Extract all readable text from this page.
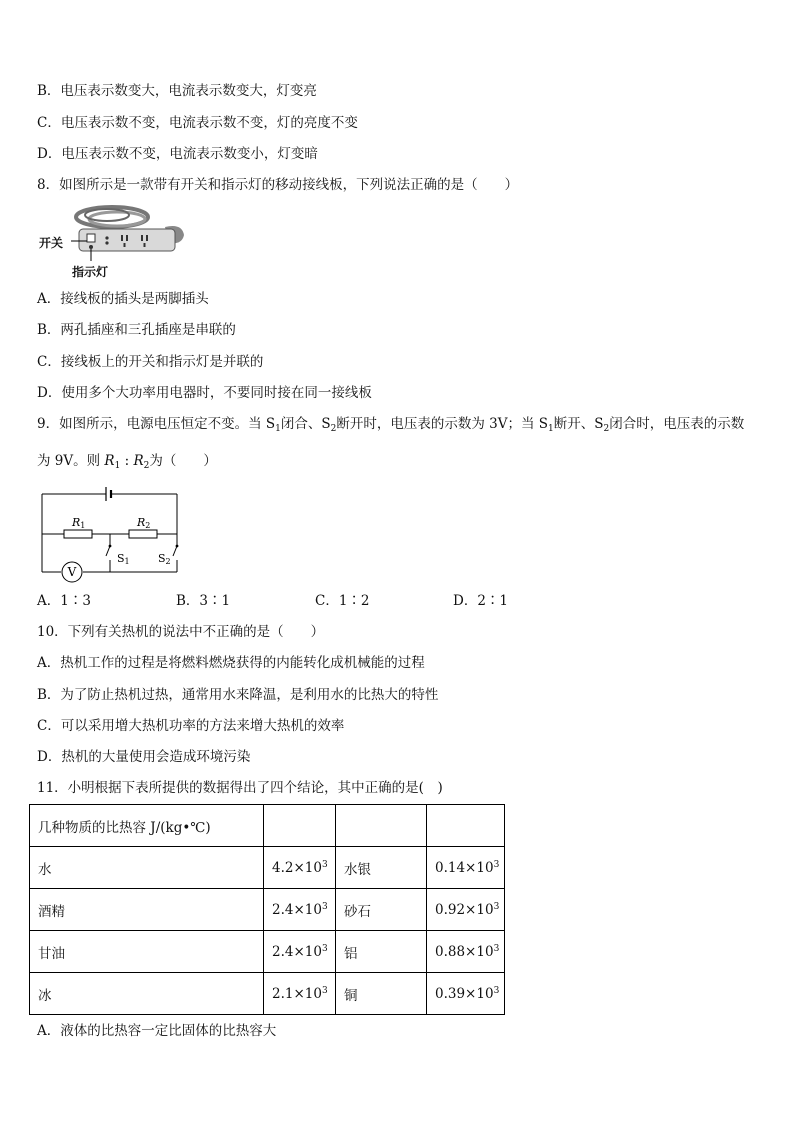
B．电压表示数变大，电流表示数变大，灯变亮
C．电压表示数不变，电流表示数不变，灯的亮度不变
D．电压表示数不变，电流表示数变小，灯变暗
8．如图所示是一款带有开关和指示灯的移动接线板，下列说法正确的是（　　）
开关
指示灯
A．接线板的插头是两脚插头
B．两孔插座和三孔插座是串联的
C．接线板上的开关和指示灯是并联的
D．使用多个大功率用电器时，不要同时接在同一接线板
9．如图所示，电源电压恒定不变。当 $S_1$闭合、$S_2$断开时，电压表的示数为 3V；当 $S_1$断开、$S_2$闭合时，电压表的示数
为 9V。则 $R_1$ : $R_2$为（　　）
V
R1	R2
S1	S2
A．1∶3	B．3∶1	C．1∶2	D．2∶1
10．下列有关热机的说法中不正确的是（　　）
A．热机工作的过程是将燃料燃烧获得的内能转化成机械能的过程
B．为了防止热机过热，通常用水来降温，是利用水的比热大的特性
C．可以采用增大热机功率的方法来增大热机的效率
D．热机的大量使用会造成环境污染
11．小明根据下表所提供的数据得出了四个结论，其中正确的是(　)
几种物质的比热容 J/(kg•℃)			
水	$4.2\times 10^3$	水银	$0.14\times 10^3$
酒精	$2.4\times 10^3$	砂石	$0.92\times 10^3$
甘油	$2.4\times 10^3$	铝	$0.88\times 10^3$
冰	$2.1\times 10^3$	铜	$0.39\times 10^3$
A．液体的比热容一定比固体的比热容大
